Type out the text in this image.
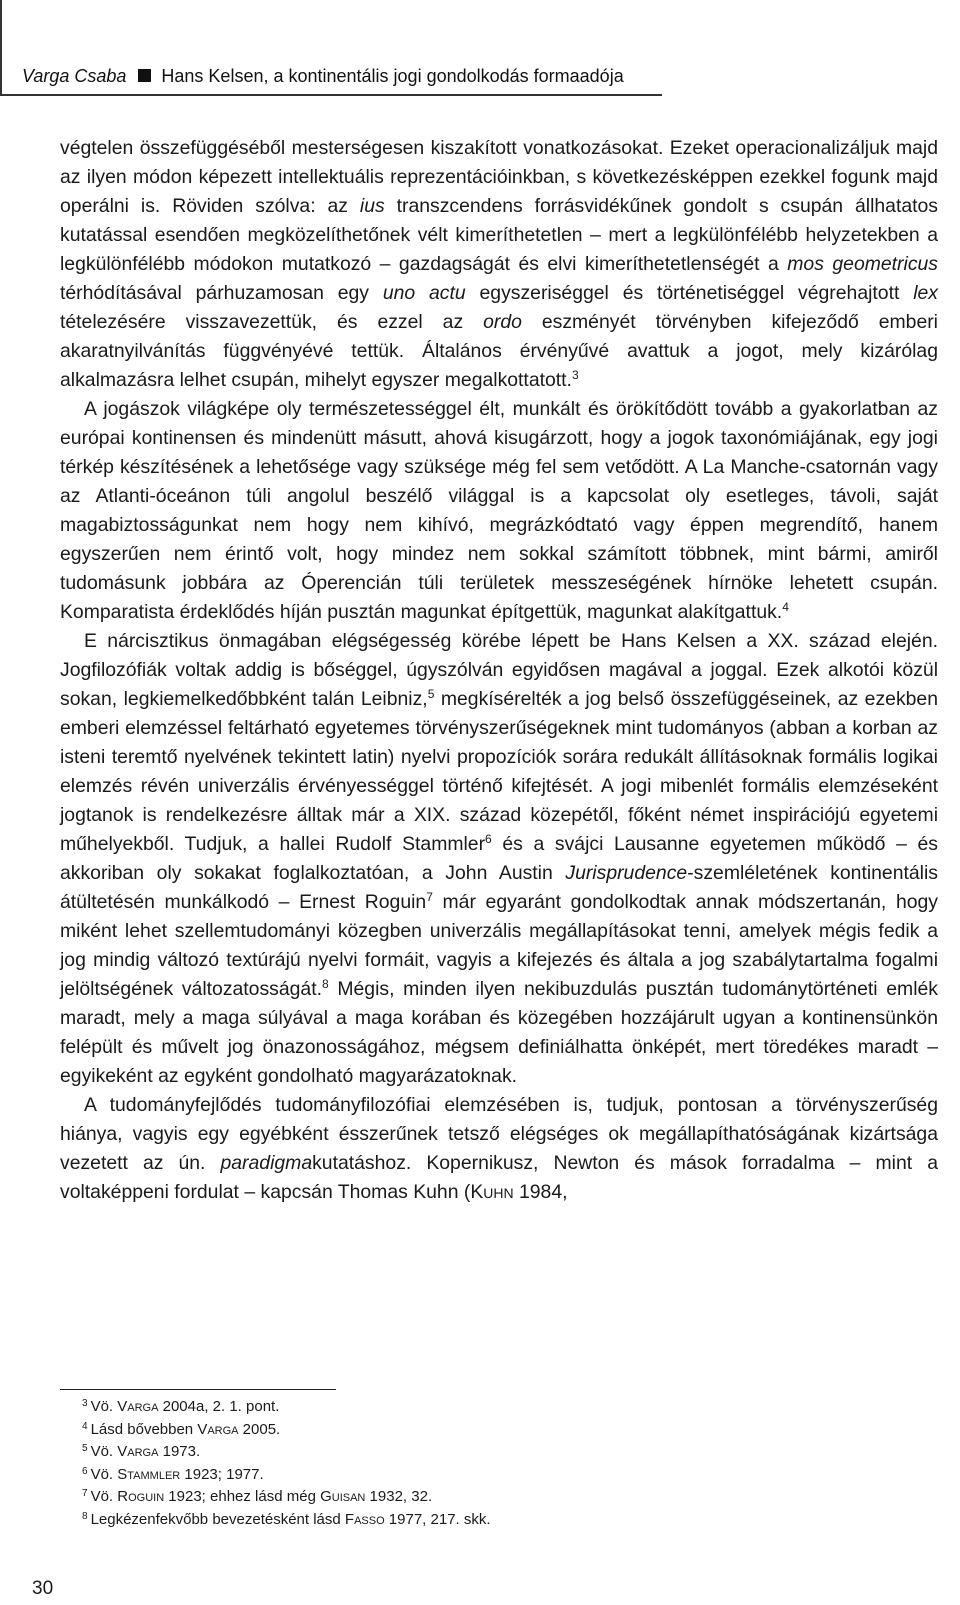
Varga Csaba Hans Kelsen, a kontinentális jogi gondolkodás formaadója

végtelen összefüggéséből mesterségesen kiszakított vonatkozásokat. Ezeket operacionalizáljuk majd az ilyen módon képezett intellektuális reprezentációinkban, s következésképpen ezekkel fogunk majd operálni is. Röviden szólva: az ius transzcendens forrásvidékűnek gondolt s csupán állhatatos kutatással esendően megközelíthetőnek vélt kimeríthetetlen – mert a legkülönfélébb helyzetekben a legkülönfélébb módokon mutatkozó – gazdagságát és elvi kimeríthetetlenségét a mos geometricus térhódításával párhuzamosan egy uno actu egyszeriséggel és történetiséggel végrehajtott lex tételezésére visszavezettük, és ezzel az ordo eszményét törvényben kifejeződő emberi akaratnyilvánítás függvényévé tettük. Általános érvényűvé avattuk a jogot, mely kizárólag alkalmazásra lelhet csupán, mihelyt egyszer megalkottatott.$^3$

A jogászok világképe oly természetességgel élt, munkált és örökítődött tovább a gyakorlatban az európai kontinensen és mindenütt másutt, ahová kisugárzott, hogy a jogok taxonómiájának, egy jogi térkép készítésének a lehetősége vagy szüksége még fel sem vetődött. A La Manche-csatornán vagy az Atlanti-óceánon túli angolul beszélő világgal is a kapcsolat oly esetleges, távoli, saját magabiztosságunkat nem hogy nem kihívó, megrázkódtató vagy éppen megrendítő, hanem egyszerűen nem érintő volt, hogy mindez nem sokkal számított többnek, mint bármi, amiről tudomásunk jobbára az Óperencián túli területek messzeségének hírnöke lehetett csupán. Komparatista érdeklődés híján pusztán magunkat építgettük, magunkat alakítgattuk.$^4$

E nárcisztikus önmagában elégségesség körébe lépett be Hans Kelsen a XX. század elején. Jogfilozófiák voltak addig is bőséggel, úgyszólván egyidősen magával a joggal. Ezek alkotói közül sokan, legkiemelkedőbbként talán Leibniz,$^5$ megkísérelték a jog belső összefüggéseinek, az ezekben emberi elemzéssel feltárható egyetemes törvényszerűségeknek mint tudományos (abban a korban az isteni teremtő nyelvének tekintett latin) nyelvi propozíciók sorára redukált állításoknak formális logikai elemzés révén univerzális érvényességgel történő kifejtését. A jogi mibenlét formális elemzéseként jogtanok is rendelkezésre álltak már a XIX. század közepétől, főként német inspirációjú egyetemi műhelyekből. Tudjuk, a hallei Rudolf Stammler$^6$ és a svájci Lausanne egyetemen működő – és akkoriban oly sokakat foglalkoztatóan, a John Austin Jurisprudence-szemléletének kontinentális átültetésén munkálkodó – Ernest Roguin$^7$ már egyaránt gondolkodtak annak módszertanán, hogy miként lehet szellemtudományi közegben univerzális megállapításokat tenni, amelyek mégis fedik a jog mindig változó textúrájú nyelvi formáit, vagyis a kifejezés és általa a jog szabálytartalma fogalmi jelöltségének változatosságát.$^8$ Mégis, minden ilyen nekibuzdulás pusztán tudománytörténeti emlék maradt, mely a maga súlyával a maga korában és közegében hozzájárult ugyan a kontinensünkön felépült és művelt jog önazonosságához, mégsem definiálhatta önképét, mert töredékes maradt – egyikeként az egyként gondolható magyarázatoknak.

A tudományfejlődés tudományfilozófiai elemzésében is, tudjuk, pontosan a törvényszerűség hiánya, vagyis egy egyébként ésszerűnek tetsző elégséges ok megállapíthatóságának kizártsága vezetett az ún. paradigmakutatáshoz. Kopernikusz, Newton és mások forradalma – mint a voltaképpeni fordulat – kapcsán Thomas Kuhn (Kuhn 1984,

$^3$ Vö. Varga 2004a, 2. 1. pont.
$^4$ Lásd bővebben Varga 2005.
$^5$ Vö. Varga 1973.
$^6$ Vö. Stammler 1923; 1977.
$^7$ Vö. Roguin 1923; ehhez lásd még Guisan 1932, 32.
$^8$ Legkézenfekvőbb bevezetésként lásd Fasso 1977, 217. skk.
30
